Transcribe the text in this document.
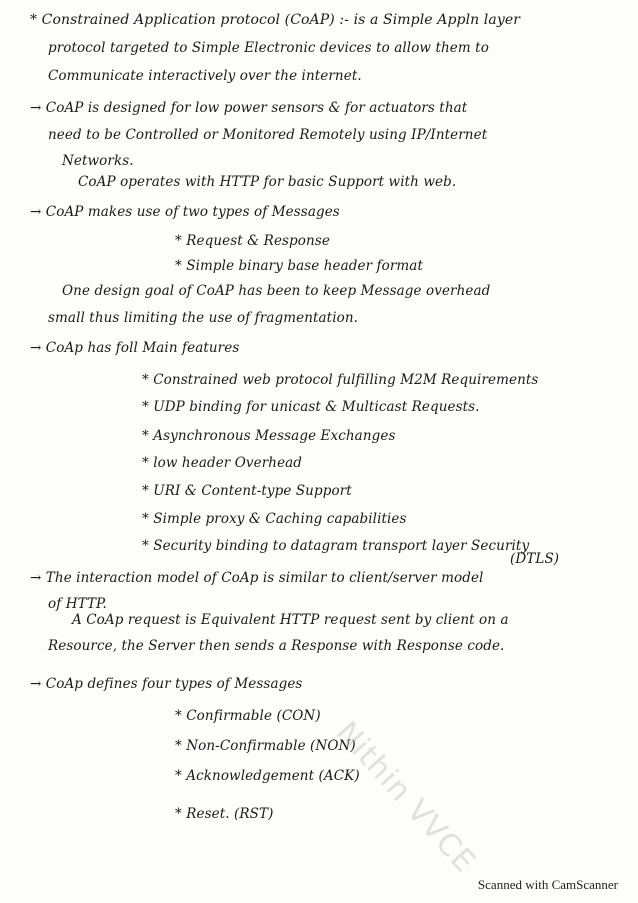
* Constrained Application protocol (CoAP) :- is a Simple Appln layer
protocol targeted to Simple Electronic devices to allow them to
Communicate interactively over the internet.
→ CoAP is designed for low power sensors & for actuators that
need to be Controlled or Monitored Remotely using IP/Internet
Networks.
CoAP operates with HTTP for basic Support with web.
→ CoAP makes use of two types of Messages
* Request & Response
* Simple binary base header format
One design goal of CoAP has been to keep Message overhead
small thus limiting the use of fragmentation.
→ CoAp has foll Main features
* Constrained web protocol fulfilling M2M Requirements
* UDP binding for unicast & Multicast Requests.
* Asynchronous Message Exchanges
* low header Overhead
* URI & Content-type Support
* Simple proxy & Caching capabilities
* Security binding to datagram transport layer Security
(DTLS)
→ The interaction model of CoAp is similar to client/server model
of HTTP.
A CoAp request is Equivalent HTTP request sent by client on a
Resource, the Server then sends a Response with Response code.
→ CoAp defines four types of Messages
* Confirmable (CON)
* Non-Confirmable (NON)
* Acknowledgement (ACK)
* Reset. (RST) Nithin VVCE
Scanned with CamScanner
